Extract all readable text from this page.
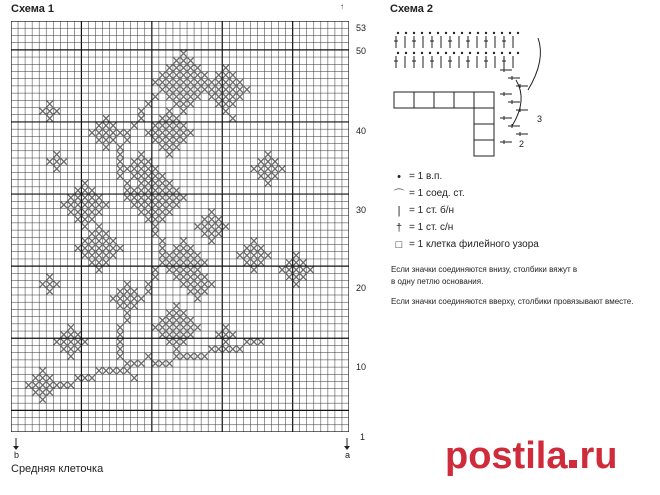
Схема 1
53
50
40
30
20
10
1
↑
b	a
Средняя клеточка
Схема 2
3
2
• = 1 в.п.
⌒ = 1 соед. ст.
| = 1 ст. б/н
† = 1 ст. с/н
□ = 1 клетка филейного узора
Если значки соединяются внизу, столбики вяжут в
в одну петлю основания.
Если значки соединяются вверху, столбики провязывают вместе.
postila ru
